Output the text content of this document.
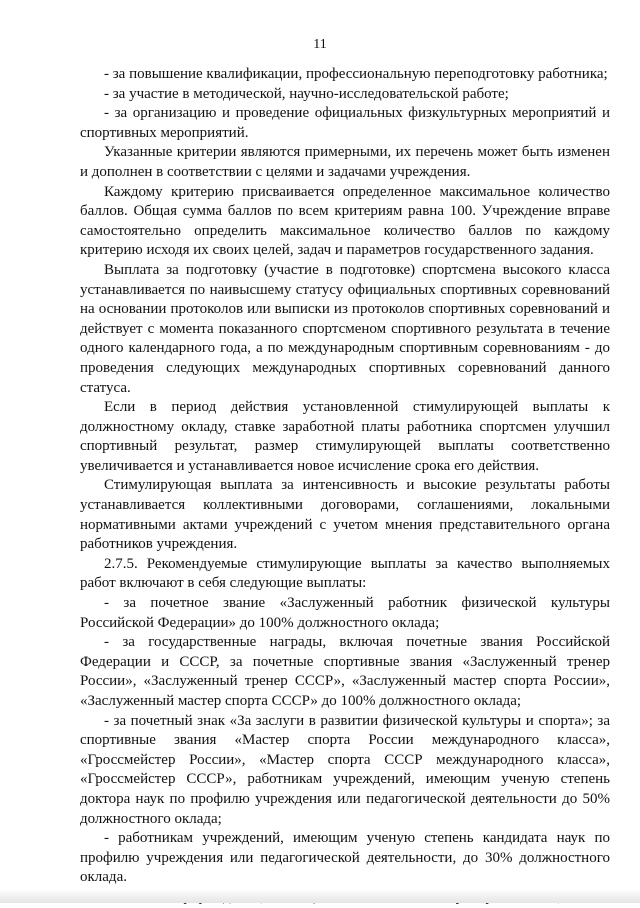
11

- за повышение квалификации, профессиональную переподготовку работника;

- за участие в методической, научно-исследовательской работе;

- за организацию и проведение официальных физкультурных мероприятий и спортивных мероприятий.

Указанные критерии являются примерными, их перечень может быть изменен и дополнен в соответствии с целями и задачами учреждения.

Каждому критерию присваивается определенное максимальное количество баллов. Общая сумма баллов по всем критериям равна 100. Учреждение вправе самостоятельно определить максимальное количество баллов по каждому критерию исходя их своих целей, задач и параметров государственного задания.

Выплата за подготовку (участие в подготовке) спортсмена высокого класса устанавливается по наивысшему статусу официальных спортивных соревнований на основании протоколов или выписки из протоколов спортивных соревнований и действует с момента показанного спортсменом спортивного результата в течение одного календарного года, а по международным спортивным соревнованиям - до проведения следующих международных спортивных соревнований данного статуса.

Если в период действия установленной стимулирующей выплаты к должностному окладу, ставке заработной платы работника спортсмен улучшил спортивный результат, размер стимулирующей выплаты соответственно увеличивается и устанавливается новое исчисление срока его действия.

Стимулирующая выплата за интенсивность и высокие результаты работы устанавливается коллективными договорами, соглашениями, локальными нормативными актами учреждений с учетом мнения представительного органа работников учреждения.

2.7.5. Рекомендуемые стимулирующие выплаты за качество выполняемых работ включают в себя следующие выплаты:

- за почетное звание «Заслуженный работник физической культуры Российской Федерации» до 100% должностного оклада;

- за государственные награды, включая почетные звания Российской Федерации и СССР, за почетные спортивные звания «Заслуженный тренер России», «Заслуженный тренер СССР», «Заслуженный мастер спорта России», «Заслуженный мастер спорта СССР» до 100% должностного оклада;

- за почетный знак «За заслуги в развитии физической культуры и спорта»; за спортивные звания «Мастер спорта России международного класса», «Гроссмейстер России», «Мастер спорта СССР международного класса», «Гроссмейстер СССР», работникам учреждений, имеющим ученую степень доктора наук по профилю учреждения или педагогической деятельности до 50% должностного оклада;

- работникам учреждений, имеющим ученую степень кандидата наук по профилю учреждения или педагогической деятельности, до 30% должностного оклада.
